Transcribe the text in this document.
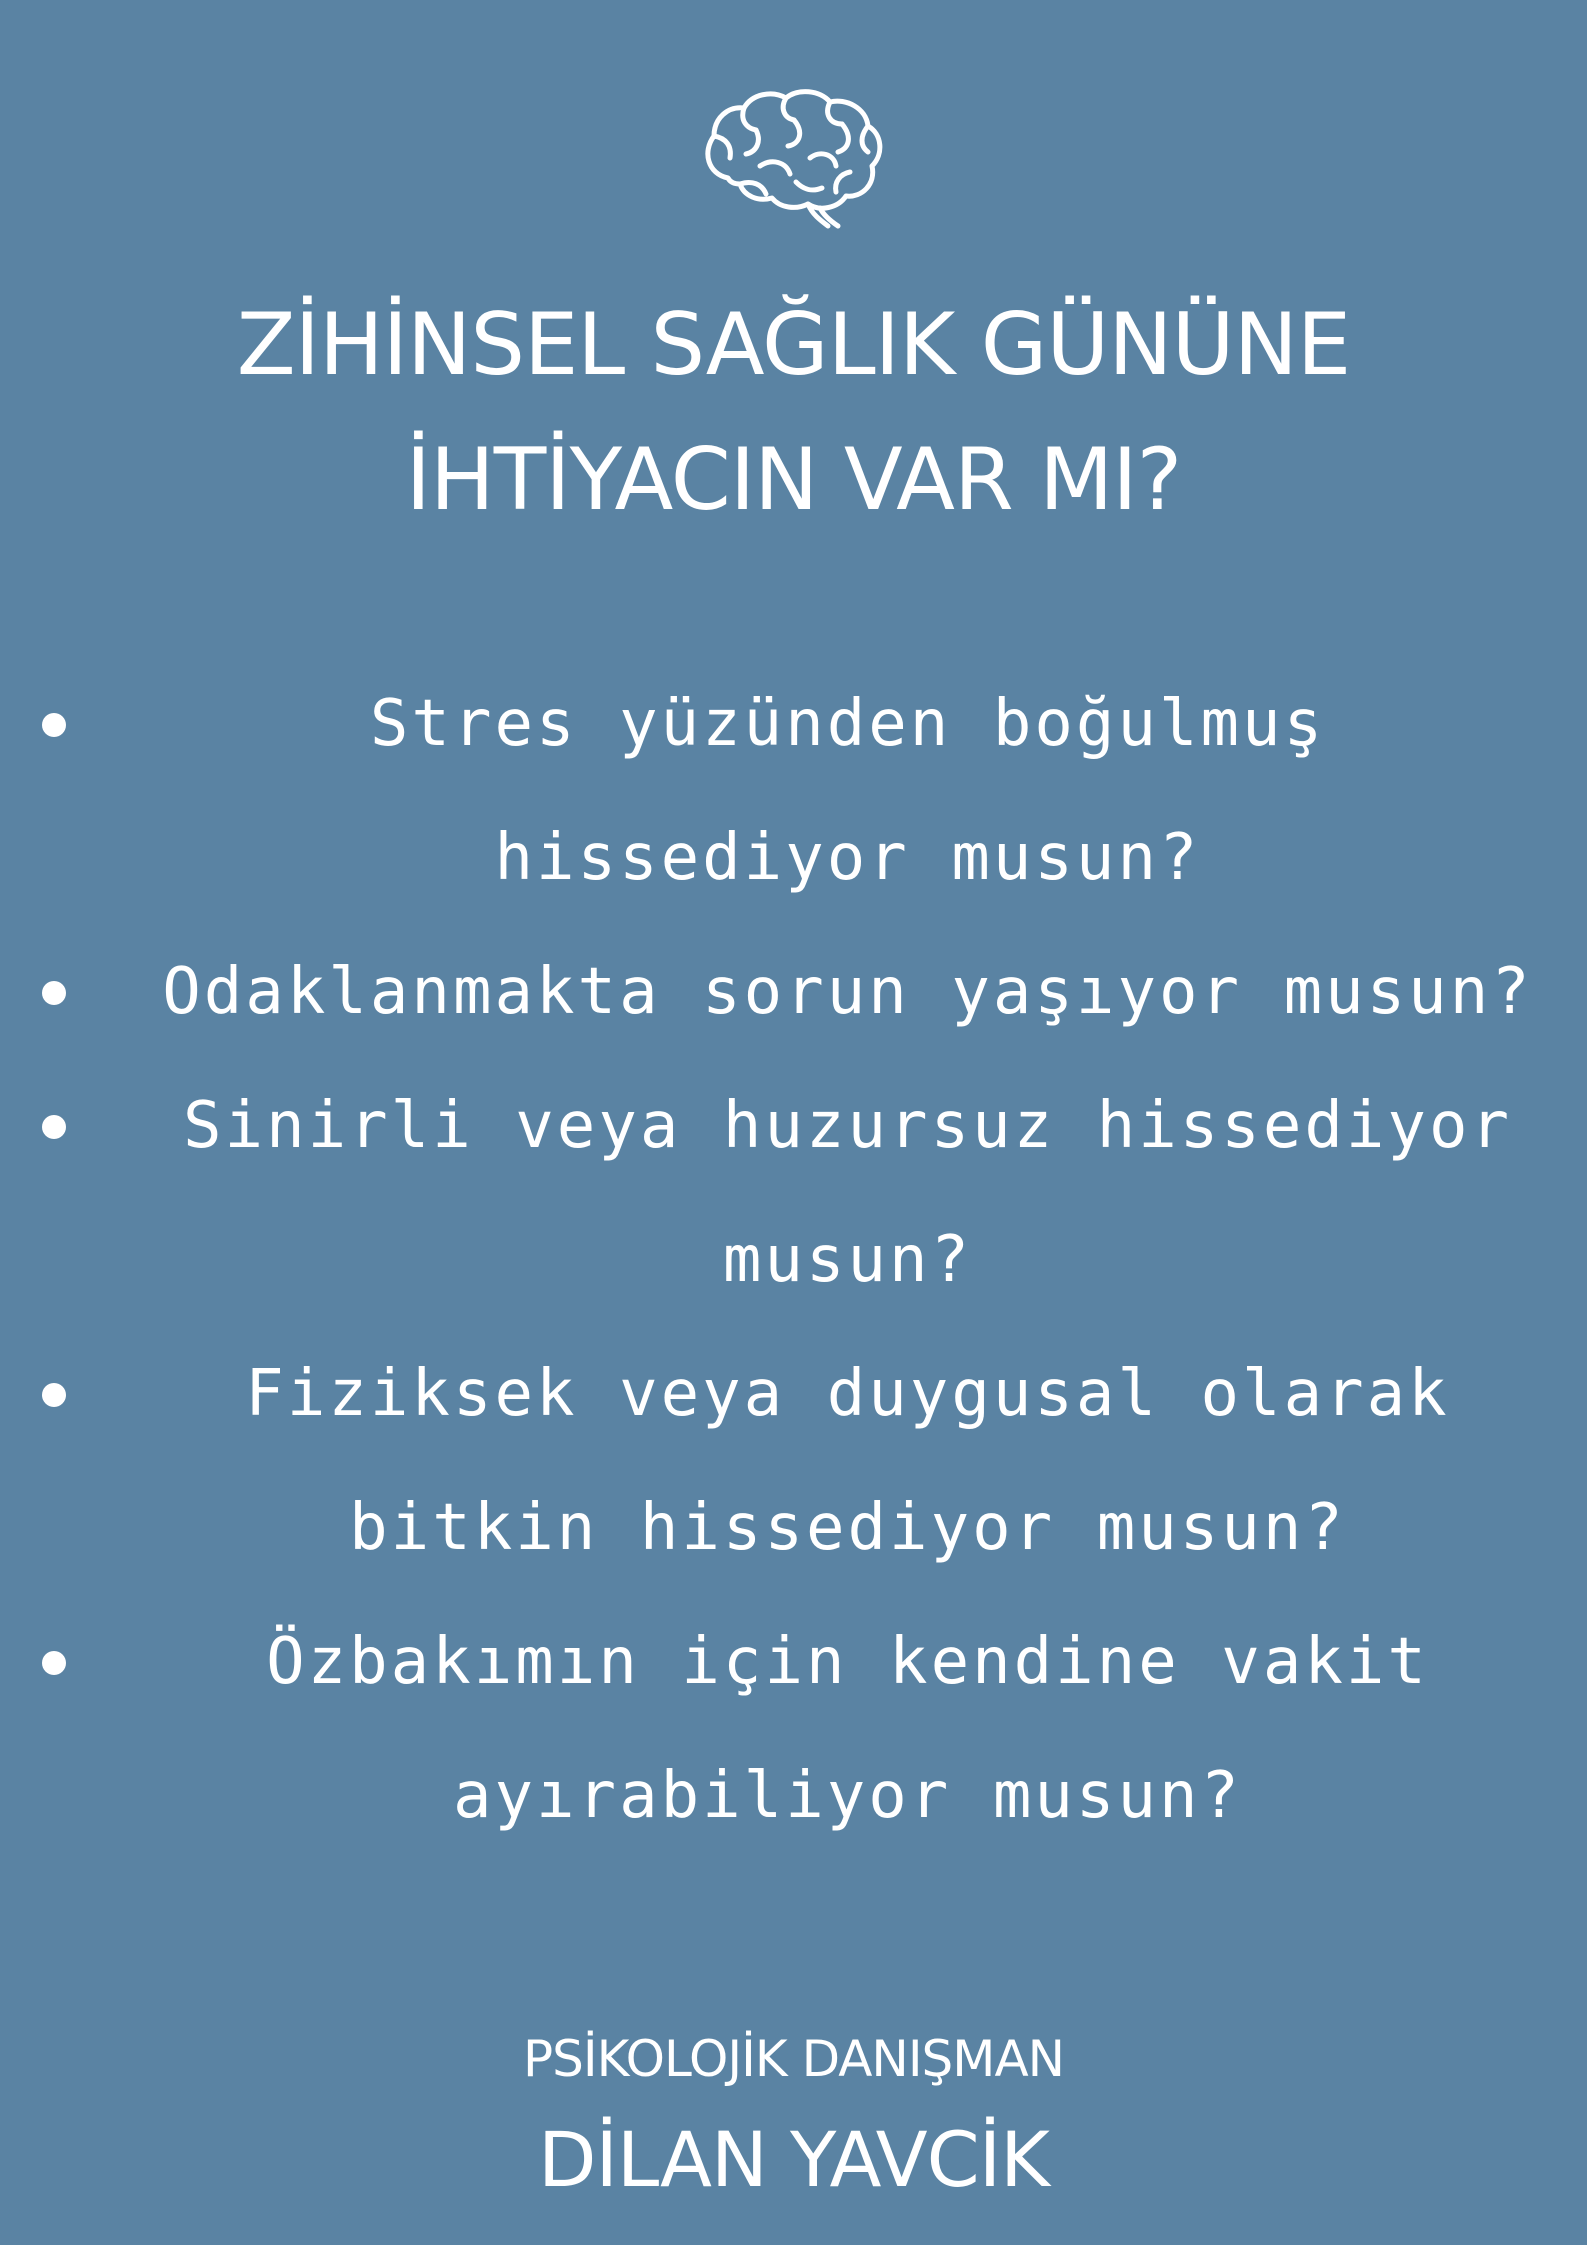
ZİHİNSEL SAĞLIK GÜNÜNE
İHTİYACIN VAR MI?
Stres yüzünden boğulmuş hissediyor musun?
Odaklanmakta sorun yaşıyor musun?
Sinirli veya huzursuz hissediyor musun?
Fiziksek veya duygusal olarak bitkin hissediyor musun?
Özbakımın için kendine vakit ayırabiliyor musun?
PSİKOLOJİK DANIŞMAN
DİLAN YAVCİK
